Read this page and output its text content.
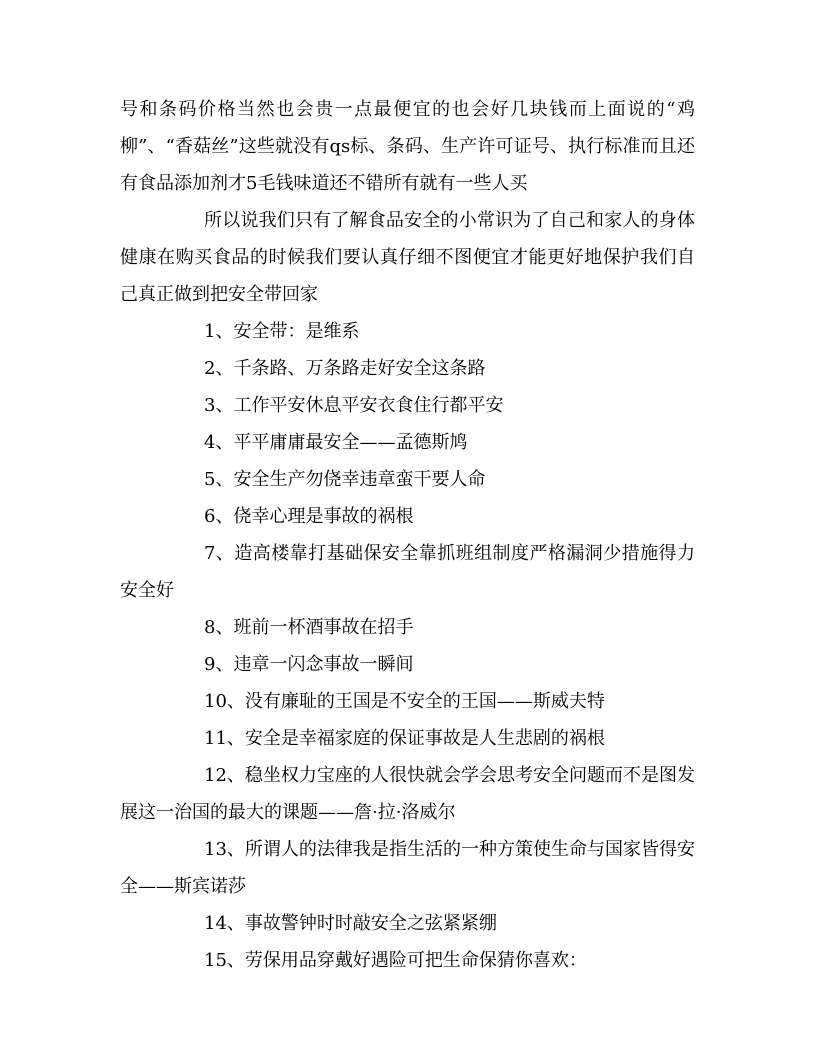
号和条码价格当然也会贵一点最便宜的也会好几块钱而上面说的“鸡柳”、“香菇丝”这些就没有qs标、条码、生产许可证号、执行标准而且还有食品添加剂才5毛钱味道还不错所有就有一些人买

所以说我们只有了解食品安全的小常识为了自己和家人的身体健康在购买食品的时候我们要认真仔细不图便宜才能更好地保护我们自己真正做到把安全带回家

1、安全带：是维系

2、千条路、万条路走好安全这条路

3、工作平安休息平安衣食住行都平安

4、平平庸庸最安全——孟德斯鸠

5、安全生产勿侥幸违章蛮干要人命

6、侥幸心理是事故的祸根

7、造高楼靠打基础保安全靠抓班组制度严格漏洞少措施得力安全好

8、班前一杯酒事故在招手

9、违章一闪念事故一瞬间

10、没有廉耻的王国是不安全的王国——斯威夫特

11、安全是幸福家庭的保证事故是人生悲剧的祸根

12、稳坐权力宝座的人很快就会学会思考安全问题而不是图发展这一治国的最大的课题——詹·拉·洛威尔

13、所谓人的法律我是指生活的一种方策使生命与国家皆得安全——斯宾诺莎

14、事故警钟时时敲安全之弦紧紧绷

15、劳保用品穿戴好遇险可把生命保猜你喜欢：
